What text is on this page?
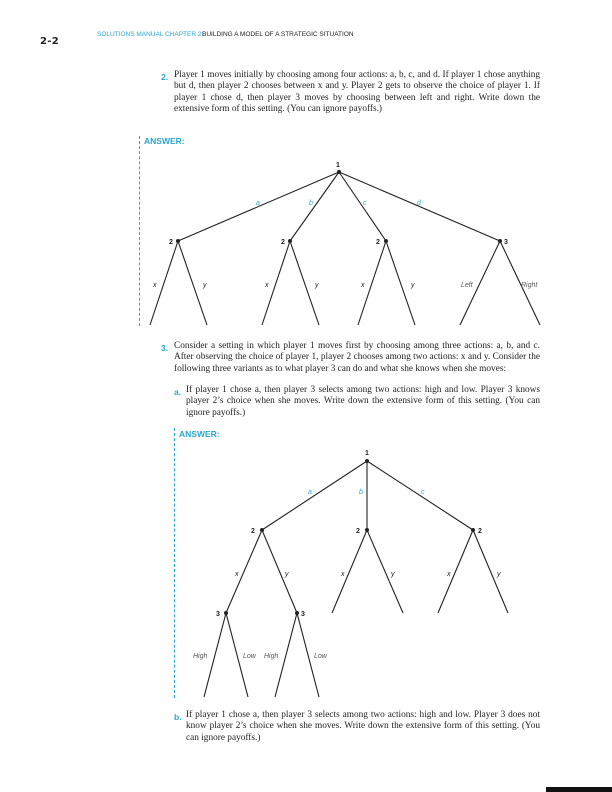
2-2
SOLUTIONS MANUAL CHAPTER 2:
BUILDING A MODEL OF A STRATEGIC SITUATION
2. Player 1 moves initially by choosing among four actions: a, b, c, and d. If player 1 chose anything but d, then player 2 chooses between x and y. Player 2 gets to observe the choice of player 1. If player 1 chose d, then player 3 moves by choosing between left and right. Write down the extensive form of this setting. (You can ignore payoffs.)
ANSWER:
1
a	b	c	d
2	2	2	3
x	y	x	y	x	y	Left	Right
1
a	b	c
2	2	2
x	y	x	y	x	y
3	3
High	Low High	Low
3. Consider a setting in which player 1 moves first by choosing among three actions: a, b, and c. After observing the choice of player 1, player 2 chooses among two actions: x and y. Consider the following three variants as to what player 3 can do and what she knows when she moves:
a. If player 1 chose a, then player 3 selects among two actions: high and low. Player 3 knows player 2’s choice when she moves. Write down the extensive form of this setting. (You can ignore payoffs.)
ANSWER:
b. If player 1 chose a, then player 3 selects among two actions: high and low. Player 3 does not know player 2’s choice when she moves. Write down the extensive form of this setting. (You can ignore payoffs.)
